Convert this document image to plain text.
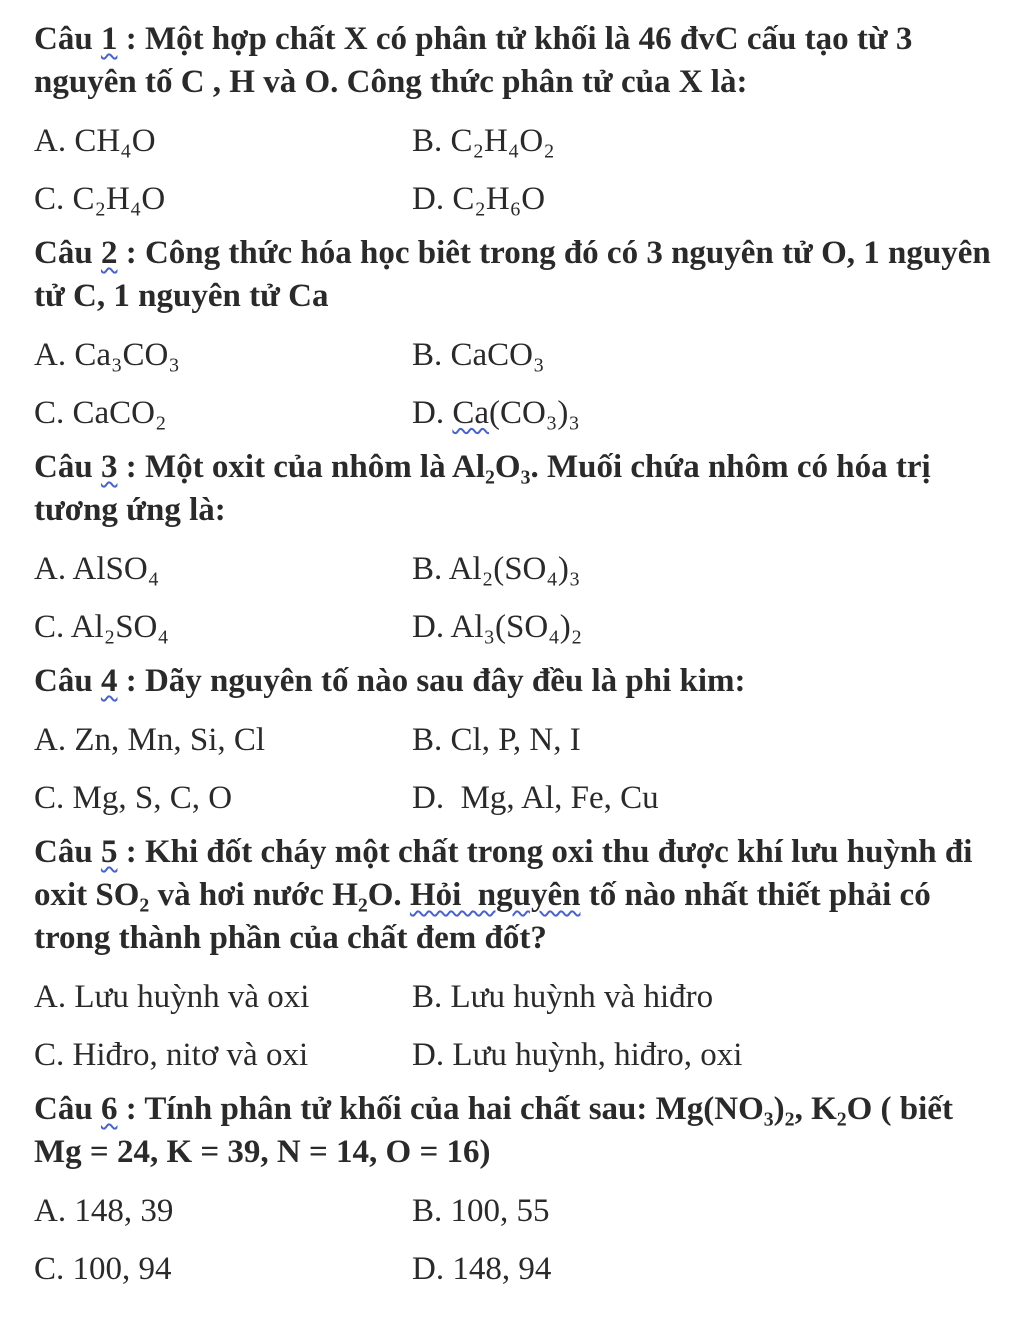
Câu 1 : Một hợp chất X có phân tử khối là 46 đvC cấu tạo từ 3 nguyên tố C , H và O. Công thức phân tử của X là:

A. CH₄O	B. C₂H₄O₂
C. C₂H₄O	D. C₂H₆O

Câu 2 : Công thức hóa học biêt trong đó có 3 nguyên tử O, 1 nguyên tử C, 1 nguyên tử Ca

A. Ca₃CO₃	B. CaCO₃
C. CaCO₂	D. Ca(CO₃)₃

Câu 3 : Một oxit của nhôm là Al₂O₃. Muối chứa nhôm có hóa trị tương ứng là:

A. AlSO₄	B. Al₂(SO₄)₃
C. Al₂SO₄	D. Al₃(SO₄)₂

Câu 4 : Dãy nguyên tố nào sau đây đều là phi kim:

A. Zn, Mn, Si, Cl	B. Cl, P, N, I
C. Mg, S, C, O	D.  Mg, Al, Fe, Cu

Câu 5 : Khi đốt cháy một chất trong oxi thu được khí lưu huỳnh đi oxit SO₂ và hơi nước H₂O. Hỏi  nguyên tố nào nhất thiết phải có trong thành phần của chất đem đốt?

A. Lưu huỳnh và oxi	B. Lưu huỳnh và hiđro
C. Hiđro, nitơ và oxi	D. Lưu huỳnh, hiđro, oxi

Câu 6 : Tính phân tử khối của hai chất sau: Mg(NO₃)₂, K₂O ( biết Mg = 24, K = 39, N = 14, O = 16)

A. 148, 39	B. 100, 55
C. 100, 94	D. 148, 94
